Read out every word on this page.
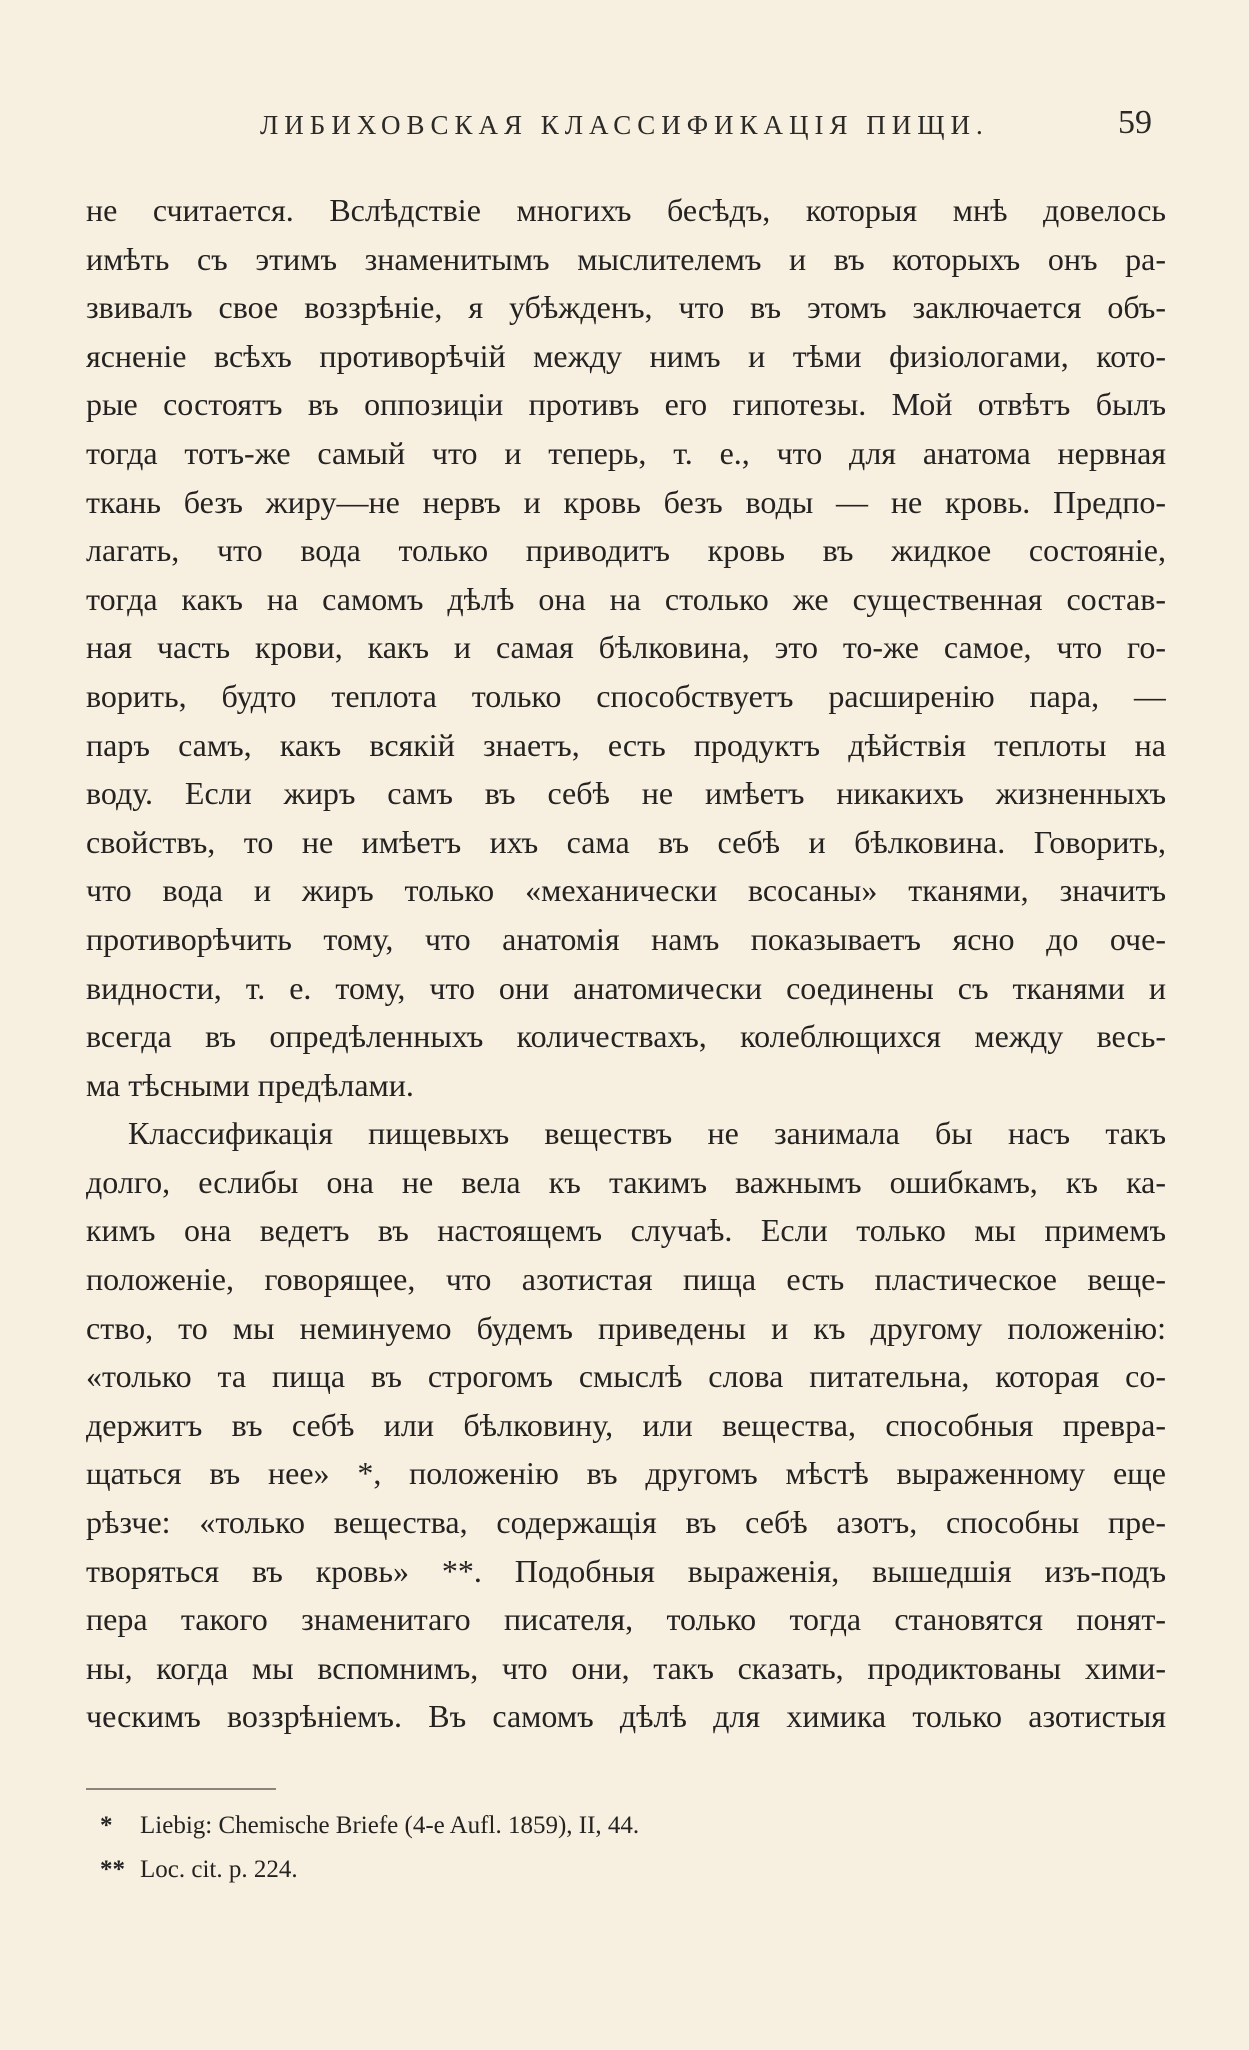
ЛИБИХОВСКАЯ КЛАССИФИКАЦІЯ ПИЩИ.	59
не считается. Вслѣдствіе многихъ бесѣдъ, которыя мнѣ довелось
имѣть съ этимъ знаменитымъ мыслителемъ и въ которыхъ онъ ра-
звивалъ свое воззрѣніе, я убѣжденъ, что въ этомъ заключается объ-
ясненіе всѣхъ противорѣчій между нимъ и тѣми физіологами, кото-
рые состоятъ въ оппозиціи противъ его гипотезы. Мой отвѣтъ былъ
тогда тотъ-же самый что и теперь, т. е., что для анатома нервная
ткань безъ жиру—не нервъ и кровь безъ воды — не кровь. Предпо-
лагать, что вода только приводитъ кровь въ жидкое состояніе,
тогда какъ на самомъ дѣлѣ она на столько же существенная состав-
ная часть крови, какъ и самая бѣлковина, это то-же самое, что го-
ворить, будто теплота только способствуетъ расширенію пара, —
паръ самъ, какъ всякій знаетъ, есть продуктъ дѣйствія теплоты на
воду. Если жиръ самъ въ себѣ не имѣетъ никакихъ жизненныхъ
свойствъ, то не имѣетъ ихъ сама въ себѣ и бѣлковина. Говорить,
что вода и жиръ только «механически всосаны» тканями, значитъ
противорѣчить тому, что анатомія намъ показываетъ ясно до оче-
видности, т. е. тому, что они анатомически соединены съ тканями и
всегда въ опредѣленныхъ количествахъ, колеблющихся между весь-
ма тѣсными предѣлами.
Классификація пищевыхъ веществъ не занимала бы насъ такъ
долго, еслибы она не вела къ такимъ важнымъ ошибкамъ, къ ка-
кимъ она ведетъ въ настоящемъ случаѣ. Если только мы примемъ
положеніе, говорящее, что азотистая пища есть пластическое веще-
ство, то мы неминуемо будемъ приведены и къ другому положенію:
«только та пища въ строгомъ смыслѣ слова питательна, которая со-
держитъ въ себѣ или бѣлковину, или вещества, способныя превра-
щаться въ нее» *, положенію въ другомъ мѣстѣ выраженному еще
рѣзче: «только вещества, содержащія въ себѣ азотъ, способны пре-
творяться въ кровь» **. Подобныя выраженія, вышедшія изъ-подъ
пера такого знаменитаго писателя, только тогда становятся понят-
ны, когда мы вспомнимъ, что они, такъ сказать, продиктованы хими-
ческимъ воззрѣніемъ. Въ самомъ дѣлѣ для химика только азотистыя
* Liebig: Chemische Briefe (4-e Aufl. 1859), II, 44.
** Loc. cit. p. 224.
